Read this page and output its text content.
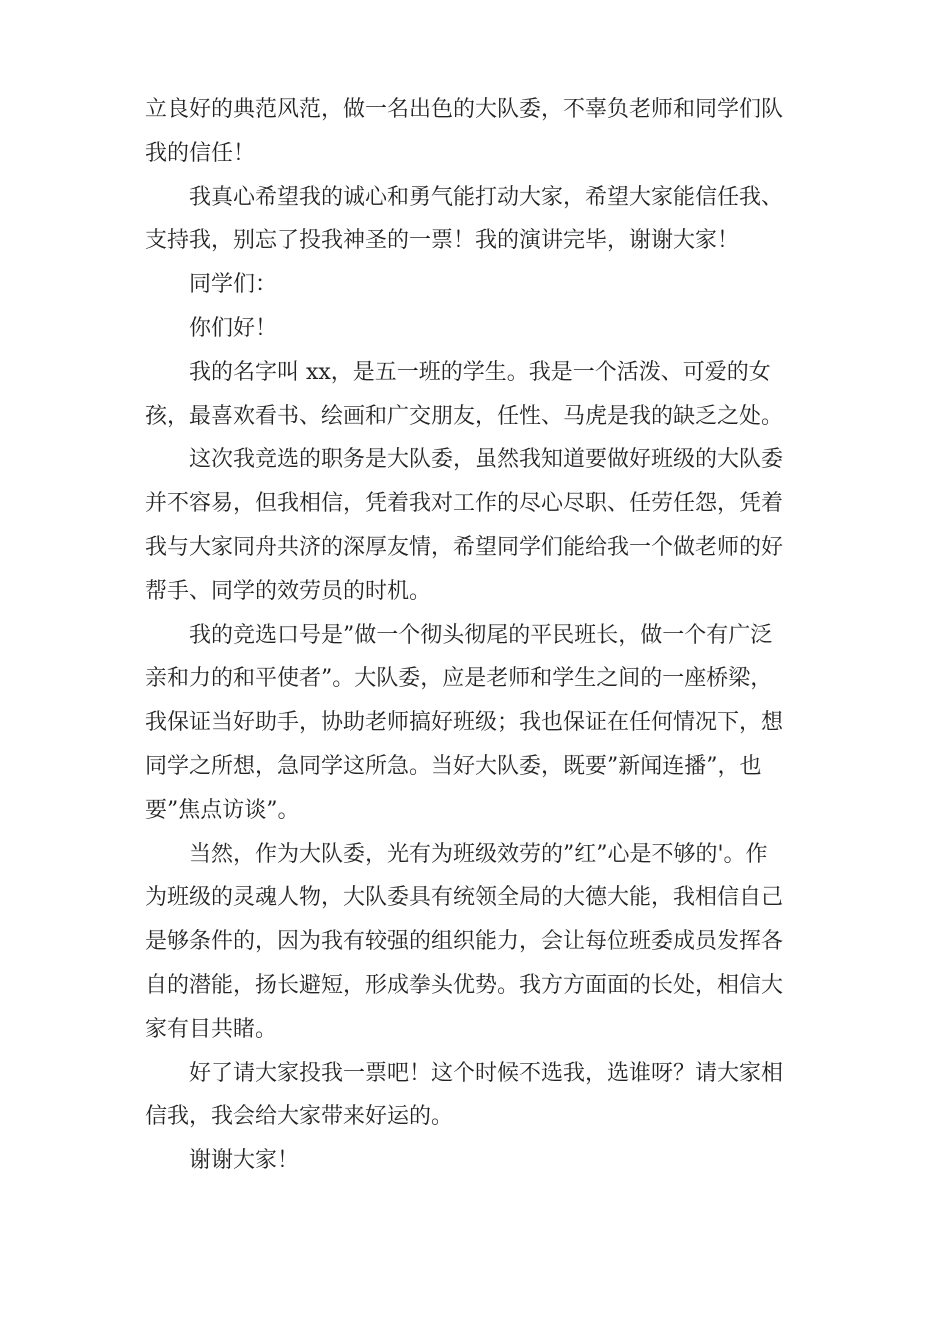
立良好的典范风范，做一名出色的大队委，不辜负老师和同学们队
我的信任！

我真心希望我的诚心和勇气能打动大家，希望大家能信任我、
支持我，别忘了投我神圣的一票！我的演讲完毕，谢谢大家！

同学们：

你们好！

我的名字叫 xx，是五一班的学生。我是一个活泼、可爱的女
孩，最喜欢看书、绘画和广交朋友，任性、马虎是我的缺乏之处。

这次我竞选的职务是大队委，虽然我知道要做好班级的大队委
并不容易，但我相信，凭着我对工作的尽心尽职、任劳任怨，凭着
我与大家同舟共济的深厚友情，希望同学们能给我一个做老师的好
帮手、同学的效劳员的时机。

我的竞选口号是”做一个彻头彻尾的平民班长，做一个有广泛
亲和力的和平使者”。大队委，应是老师和学生之间的一座桥梁，
我保证当好助手，协助老师搞好班级；我也保证在任何情况下，想
同学之所想，急同学这所急。当好大队委，既要”新闻连播”，也
要”焦点访谈”。

当然，作为大队委，光有为班级效劳的”红”心是不够的'。作
为班级的灵魂人物，大队委具有统领全局的大德大能，我相信自己
是够条件的，因为我有较强的组织能力，会让每位班委成员发挥各
自的潜能，扬长避短，形成拳头优势。我方方面面的长处，相信大
家有目共睹。

好了请大家投我一票吧！这个时候不选我，选谁呀？请大家相
信我，我会给大家带来好运的。

谢谢大家！
